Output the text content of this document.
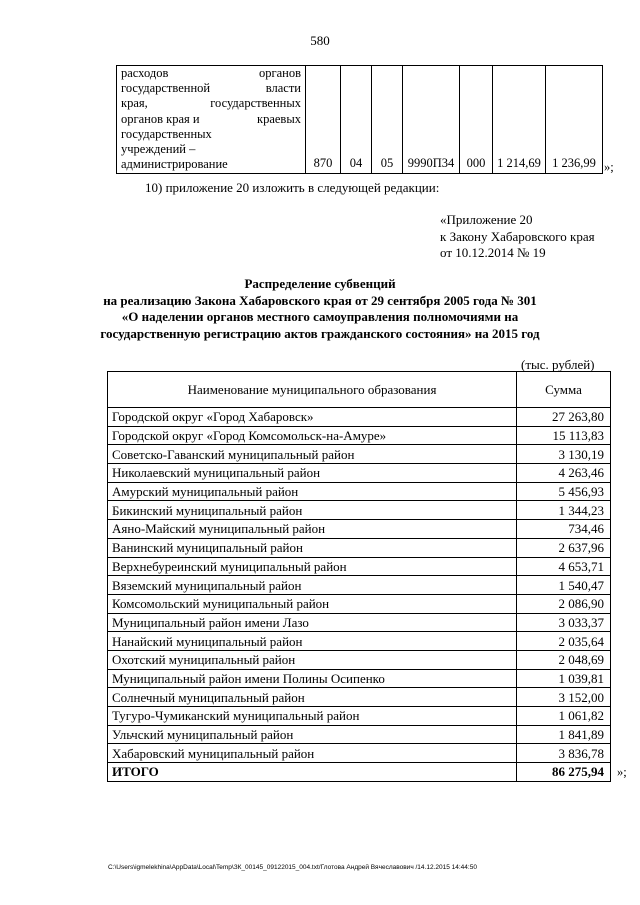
580
расходов	органов
государственной	власти
края,	государственных
органов края и	краевых
государственных
учреждений –
администрирование	870	04	05	9990П34	000	1 214,69	1 236,99 »;
10) приложение 20 изложить в следующей редакции:
«Приложение 20
к Закону Хабаровского края
от 10.12.2014 № 19
Распределение субвенций
на реализацию Закона Хабаровского края от 29 сентября 2005 года № 301
«О наделении органов местного самоуправления полномочиями на
государственную регистрацию актов гражданского состояния» на 2015 год
(тыс. рублей)
Наименование муниципального образования	Сумма
Городской округ «Город Хабаровск»	27 263,80
Городской округ «Город Комсомольск-на-Амуре»	15 113,83
Советско-Гаванский муниципальный район	3 130,19
Николаевский муниципальный район	4 263,46
Амурский муниципальный район	5 456,93
Бикинский муниципальный район	1 344,23
Аяно-Майский муниципальный район	734,46
Ванинский муниципальный район	2 637,96
Верхнебуреинский муниципальный район	4 653,71
Вяземский муниципальный район	1 540,47
Комсомольский муниципальный район	2 086,90
Муниципальный район имени Лазо	3 033,37
Нанайский муниципальный район	2 035,64
Охотский муниципальный район	2 048,69
Муниципальный район имени Полины Осипенко	1 039,81
Солнечный муниципальный район	3 152,00
Тугуро-Чумиканский муниципальный район	1 061,82
Ульчский муниципальный район	1 841,89
Хабаровский муниципальный район	3 836,78
ИТОГО	86 275,94 »;
C:\Users\igmelekhina\AppData\Local\Temp\ЗК_00145_09122015_004.txt/Глотова Андрей Вячеславович /14.12.2015 14:44:50
